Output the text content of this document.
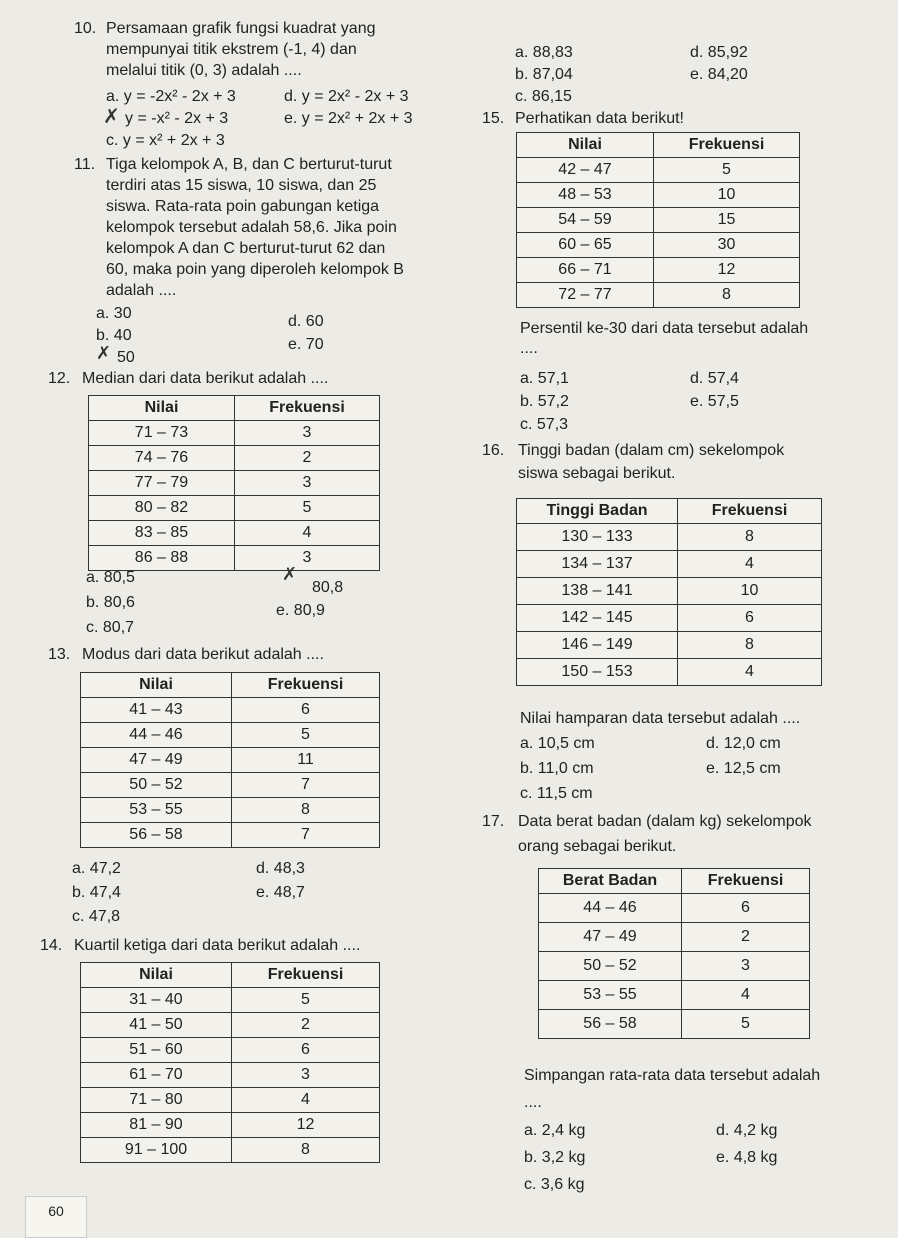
10. Persamaan grafik fungsi kuadrat yang
mempunyai titik ekstrem (-1, 4) dan
melalui titik (0, 3) adalah ....
a. y = -2x² - 2x + 3	d. y = 2x² - 2x + 3
✗ y = -x² - 2x + 3	e. y = 2x² + 2x + 3
c. y = x² + 2x + 3
11. Tiga kelompok A, B, dan C berturut-turut
terdiri atas 15 siswa, 10 siswa, dan 25
siswa. Rata-rata poin gabungan ketiga
kelompok tersebut adalah 58,6. Jika poin
kelompok A dan C berturut-turut 62 dan
60, maka poin yang diperoleh kelompok B
adalah ....
a. 30	d. 60
b. 40
e. 70
✗ 50
12. Median dari data berikut adalah ....
Nilai	Frekuensi
71 – 73	3
74 – 76	2
77 – 79	3
80 – 82	5
83 – 85	4
86 – 88	3
a. 80,5	✗
80,8
b. 80,6	e. 80,9
c. 80,7
13. Modus dari data berikut adalah ....
Nilai	Frekuensi
41 – 43	6
44 – 46	5
47 – 49	11
50 – 52	7
53 – 55	8
56 – 58	7
a. 47,2	d. 48,3
b. 47,4	e. 48,7
c. 47,8
14. Kuartil ketiga dari data berikut adalah ....
Nilai	Frekuensi
31 – 40	5
41 – 50	2
51 – 60	6
61 – 70	3
71 – 80	4
81 – 90	12
91 – 100	8
60
a. 88,83	d. 85,92
b. 87,04	e. 84,20
c. 86,15
15. Perhatikan data berikut!
Nilai	Frekuensi
42 – 47	5
48 – 53	10
54 – 59	15
60 – 65	30
66 – 71	12
72 – 77	8
Persentil ke-30 dari data tersebut adalah
....
a. 57,1	d. 57,4
b. 57,2	e. 57,5
c. 57,3
16. Tinggi badan (dalam cm) sekelompok
siswa sebagai berikut.
Tinggi Badan	Frekuensi
130 – 133	8
134 – 137	4
138 – 141	10
142 – 145	6
146 – 149	8
150 – 153	4
Nilai hamparan data tersebut adalah ....
a. 10,5 cm	d. 12,0 cm
b. 11,0 cm	e. 12,5 cm
c. 11,5 cm
17. Data berat badan (dalam kg) sekelompok
orang sebagai berikut.
Berat Badan	Frekuensi
44 – 46	6
47 – 49	2
50 – 52	3
53 – 55	4
56 – 58	5
Simpangan rata-rata data tersebut adalah
....
a. 2,4 kg	d. 4,2 kg
b. 3,2 kg	e. 4,8 kg
c. 3,6 kg
